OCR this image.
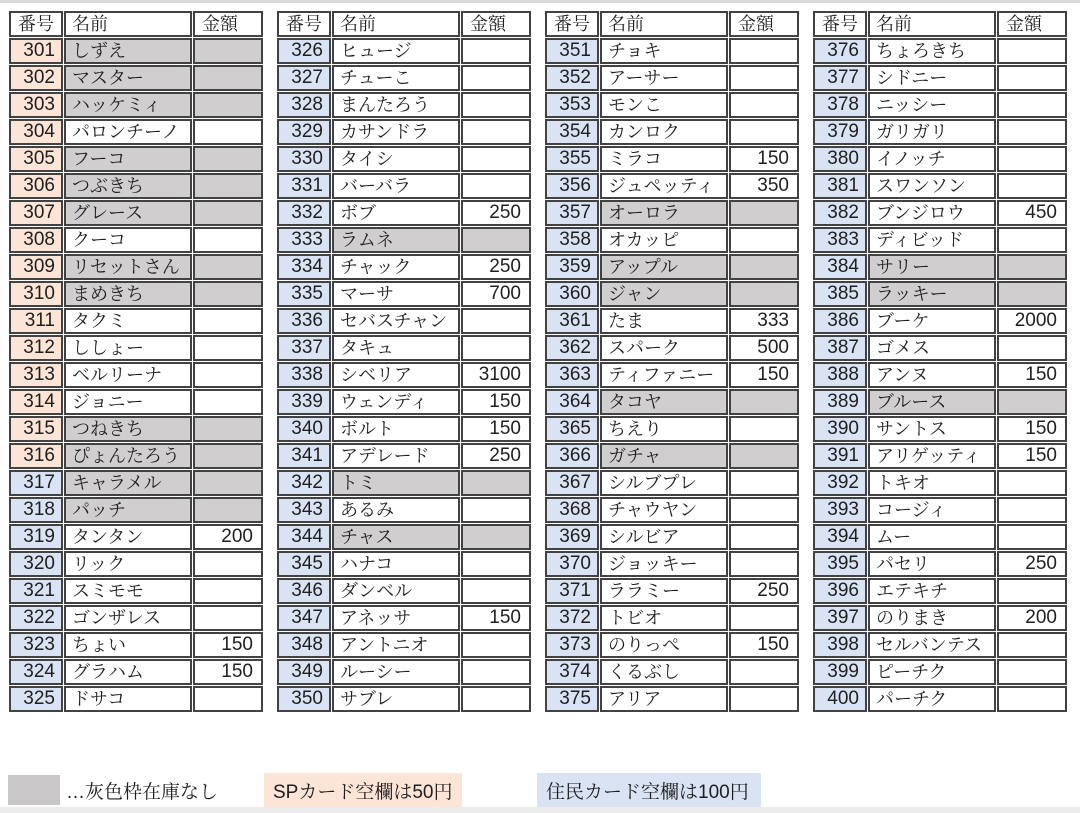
番号	名前	金額
301	しずえ	
302	マスター	
303	ハッケミィ	
304	パロンチーノ	
305	フーコ	
306	つぶきち	
307	グレース	
308	クーコ	
309	リセットさん	
310	まめきち	
311	タクミ	
312	ししょー	
313	ベルリーナ	
314	ジョニー	
315	つねきち	
316	ぴょんたろう	
317	キャラメル	
318	パッチ	
319	タンタン	200
320	リック	
321	スミモモ	
322	ゴンザレス	
323	ちょい	150
324	グラハム	150
325	ドサコ	
番号	名前	金額
326	ヒュージ	
327	チューこ	
328	まんたろう	
329	カサンドラ	
330	タイシ	
331	バーバラ	
332	ボブ	250
333	ラムネ	
334	チャック	250
335	マーサ	700
336	セバスチャン	
337	タキュ	
338	シベリア	3100
339	ウェンディ	150
340	ボルト	150
341	アデレード	250
342	トミ	
343	あるみ	
344	チャス	
345	ハナコ	
346	ダンベル	
347	アネッサ	150
348	アントニオ	
349	ルーシー	
350	サブレ	
番号	名前	金額
351	チョキ	
352	アーサー	
353	モンこ	
354	カンロク	
355	ミラコ	150
356	ジュペッティ	350
357	オーロラ	
358	オカッピ	
359	アップル	
360	ジャン	
361	たま	333
362	スパーク	500
363	ティファニー	150
364	タコヤ	
365	ちえり	
366	ガチャ	
367	シルブプレ	
368	チャウヤン	
369	シルビア	
370	ジョッキー	
371	ララミー	250
372	トビオ	
373	のりっぺ	150
374	くるぶし	
375	アリア	
番号	名前	金額
376	ちょろきち	
377	シドニー	
378	ニッシー	
379	ガリガリ	
380	イノッチ	
381	スワンソン	
382	ブンジロウ	450
383	ディビッド	
384	サリー	
385	ラッキー	
386	ブーケ	2000
387	ゴメス	
388	アンヌ	150
389	ブルース	
390	サントス	150
391	アリゲッティ	150
392	トキオ	
393	コージィ	
394	ムー	
395	パセリ	250
396	エテキチ	
397	のりまき	200
398	セルバンテス	
399	ピーチク	
400	パーチク	
…灰色枠在庫なし	SPカード空欄は50円	住民カード空欄は100円
